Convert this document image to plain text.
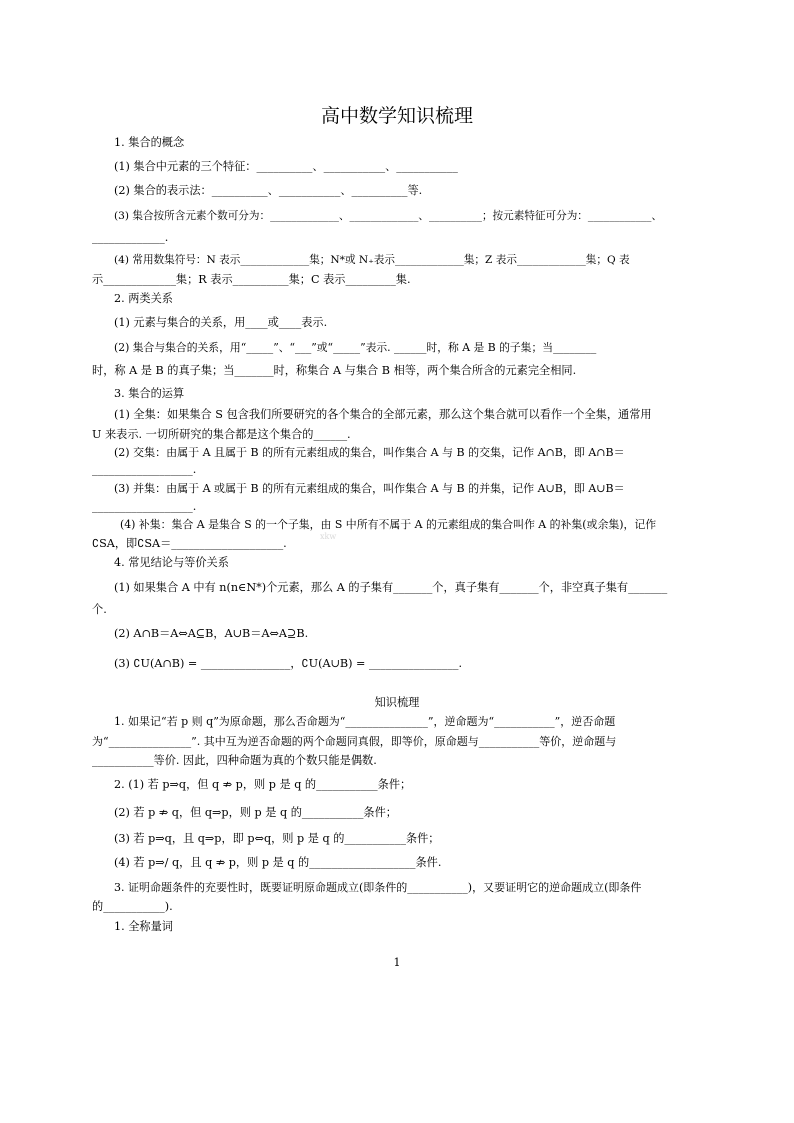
高中数学知识梳理
1. 集合的概念
(1) 集合中元素的三个特征：__________、___________、___________
(2) 集合的表示法：__________、___________、__________等.
(3) 集合按所含元素个数可分为：_____________、_____________、__________；按元素特征可分为：____________、
_____________.
(4) 常用数集符号：N 表示_____________集；N*或 N₊表示_____________集；Z 表示_____________集；Q 表
示_____________集；R 表示__________集；C 表示_________集.
2. 两类关系
(1) 元素与集合的关系，用____或____表示.
(2) 集合与集合的关系，用“_____”、“___”或“_____”表示. ______时，称 A 是 B 的子集；当________
时，称 A 是 B 的真子集；当_______时，称集合 A 与集合 B 相等，两个集合所含的元素完全相同.
3. 集合的运算
(1) 全集：如果集合 S 包含我们所要研究的各个集合的全部元素，那么这个集合就可以看作一个全集，通常用
U 来表示. 一切所研究的集合都是这个集合的______.
(2) 交集：由属于 A 且属于 B 的所有元素组成的集合，叫作集合 A 与 B 的交集，记作 A∩B，即 A∩B＝
__________________.
(3) 并集：由属于 A 或属于 B 的所有元素组成的集合，叫作集合 A 与 B 的并集，记作 A∪B，即 A∪B＝
__________________.
(4) 补集：集合 A 是集合 S 的一个子集，由 S 中所有不属于 A 的元素组成的集合叫作 A 的补集(或余集)，记作
∁SA，即∁SA＝____________________.
xkw
4. 常见结论与等价关系
(1) 如果集合 A 中有 n(n∈N*)个元素，那么 A 的子集有_______个，真子集有_______个，非空真子集有_______
个.
(2) A∩B＝A⇔A⊆B，A∪B＝A⇔A⊇B.
(3) ∁U(A∩B) = ________________，∁U(A∪B) = ________________.
知识梳理
1. 如果记“若 p 则 q”为原命题，那么否命题为“_______________”，逆命题为“___________”，逆否命题
为“_______________”. 其中互为逆否命题的两个命题同真假，即等价，原命题与___________等价，逆命题与
___________等价. 因此，四种命题为真的个数只能是偶数.
2. (1) 若 p⇒q，但 q ⇏ p，则 p 是 q 的___________条件；
(2) 若 p ⇏ q，但 q⇒p，则 p 是 q 的___________条件；
(3) 若 p⇒q，且 q⇒p，即 p⇔q，则 p 是 q 的___________条件；
(4) 若 p⇒/ q，且 q ⇏ p，则 p 是 q 的___________________条件.
3. 证明命题条件的充要性时，既要证明原命题成立(即条件的___________)，又要证明它的逆命题成立(即条件
的___________).
1. 全称量词
1
